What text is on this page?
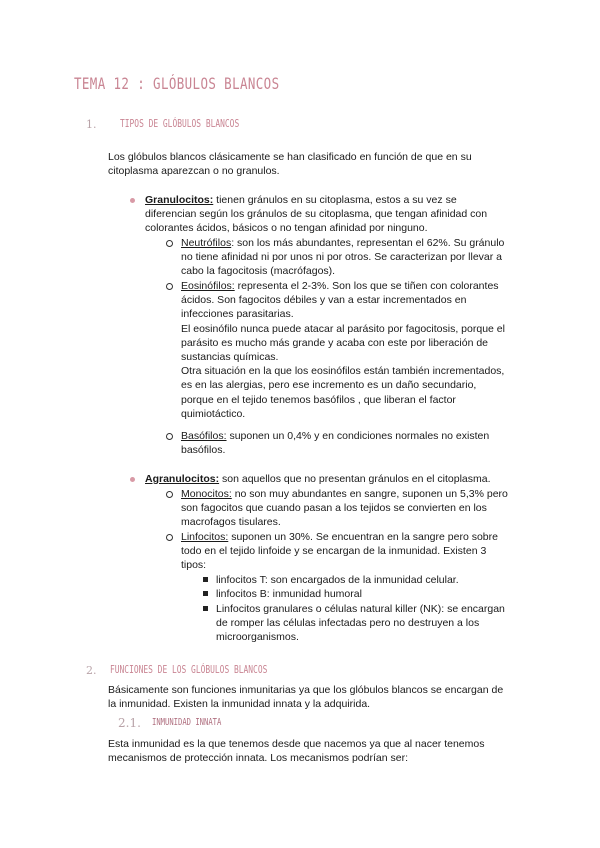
TEMA 12 : GLÓBULOS BLANCOS
1. TIPOS DE GLÓBULOS BLANCOS
Los glóbulos blancos clásicamente se han clasificado en función de que en su
citoplasma aparezcan o no granulos.
Granulocitos: tienen gránulos en su citoplasma, estos a su vez se
diferencian según los gránulos de su citoplasma, que tengan afinidad con
colorantes ácidos, básicos o no tengan afinidad por ninguno.
Neutrófilos: son los más abundantes, representan el 62%. Su gránulo
no tiene afinidad ni por unos ni por otros. Se caracterizan por llevar a
cabo la fagocitosis (macrófagos).
Eosinófilos: representa el 2-3%. Son los que se tiñen con colorantes
ácidos. Son fagocitos débiles y van a estar incrementados en
infecciones parasitarias.
El eosinófilo nunca puede atacar al parásito por fagocitosis, porque el
parásito es mucho más grande y acaba con este por liberación de
sustancias químicas.
Otra situación en la que los eosinófilos están también incrementados,
es en las alergias, pero ese incremento es un daño secundario,
porque en el tejido tenemos basófilos , que liberan el factor
quimiotáctico.
Basófilos: suponen un 0,4% y en condiciones normales no existen
basófilos.
Agranulocitos: son aquellos que no presentan gránulos en el citoplasma.
Monocitos: no son muy abundantes en sangre, suponen un 5,3% pero
son fagocitos que cuando pasan a los tejidos se convierten en los
macrofagos tisulares.
Linfocitos: suponen un 30%. Se encuentran en la sangre pero sobre
todo en el tejido linfoide y se encargan de la inmunidad. Existen 3
tipos:
linfocitos T: son encargados de la inmunidad celular.
linfocitos B: inmunidad humoral
Linfocitos granulares o células natural killer (NK): se encargan
de romper las células infectadas pero no destruyen a los
microorganismos.
2. FUNCIONES DE LOS GLÓBULOS BLANCOS
Básicamente son funciones inmunitarias ya que los glóbulos blancos se encargan de
la inmunidad. Existen la inmunidad innata y la adquirida.
2.1. INMUNIDAD INNATA
Esta inmunidad es la que tenemos desde que nacemos ya que al nacer tenemos
mecanismos de protección innata. Los mecanismos podrían ser:
